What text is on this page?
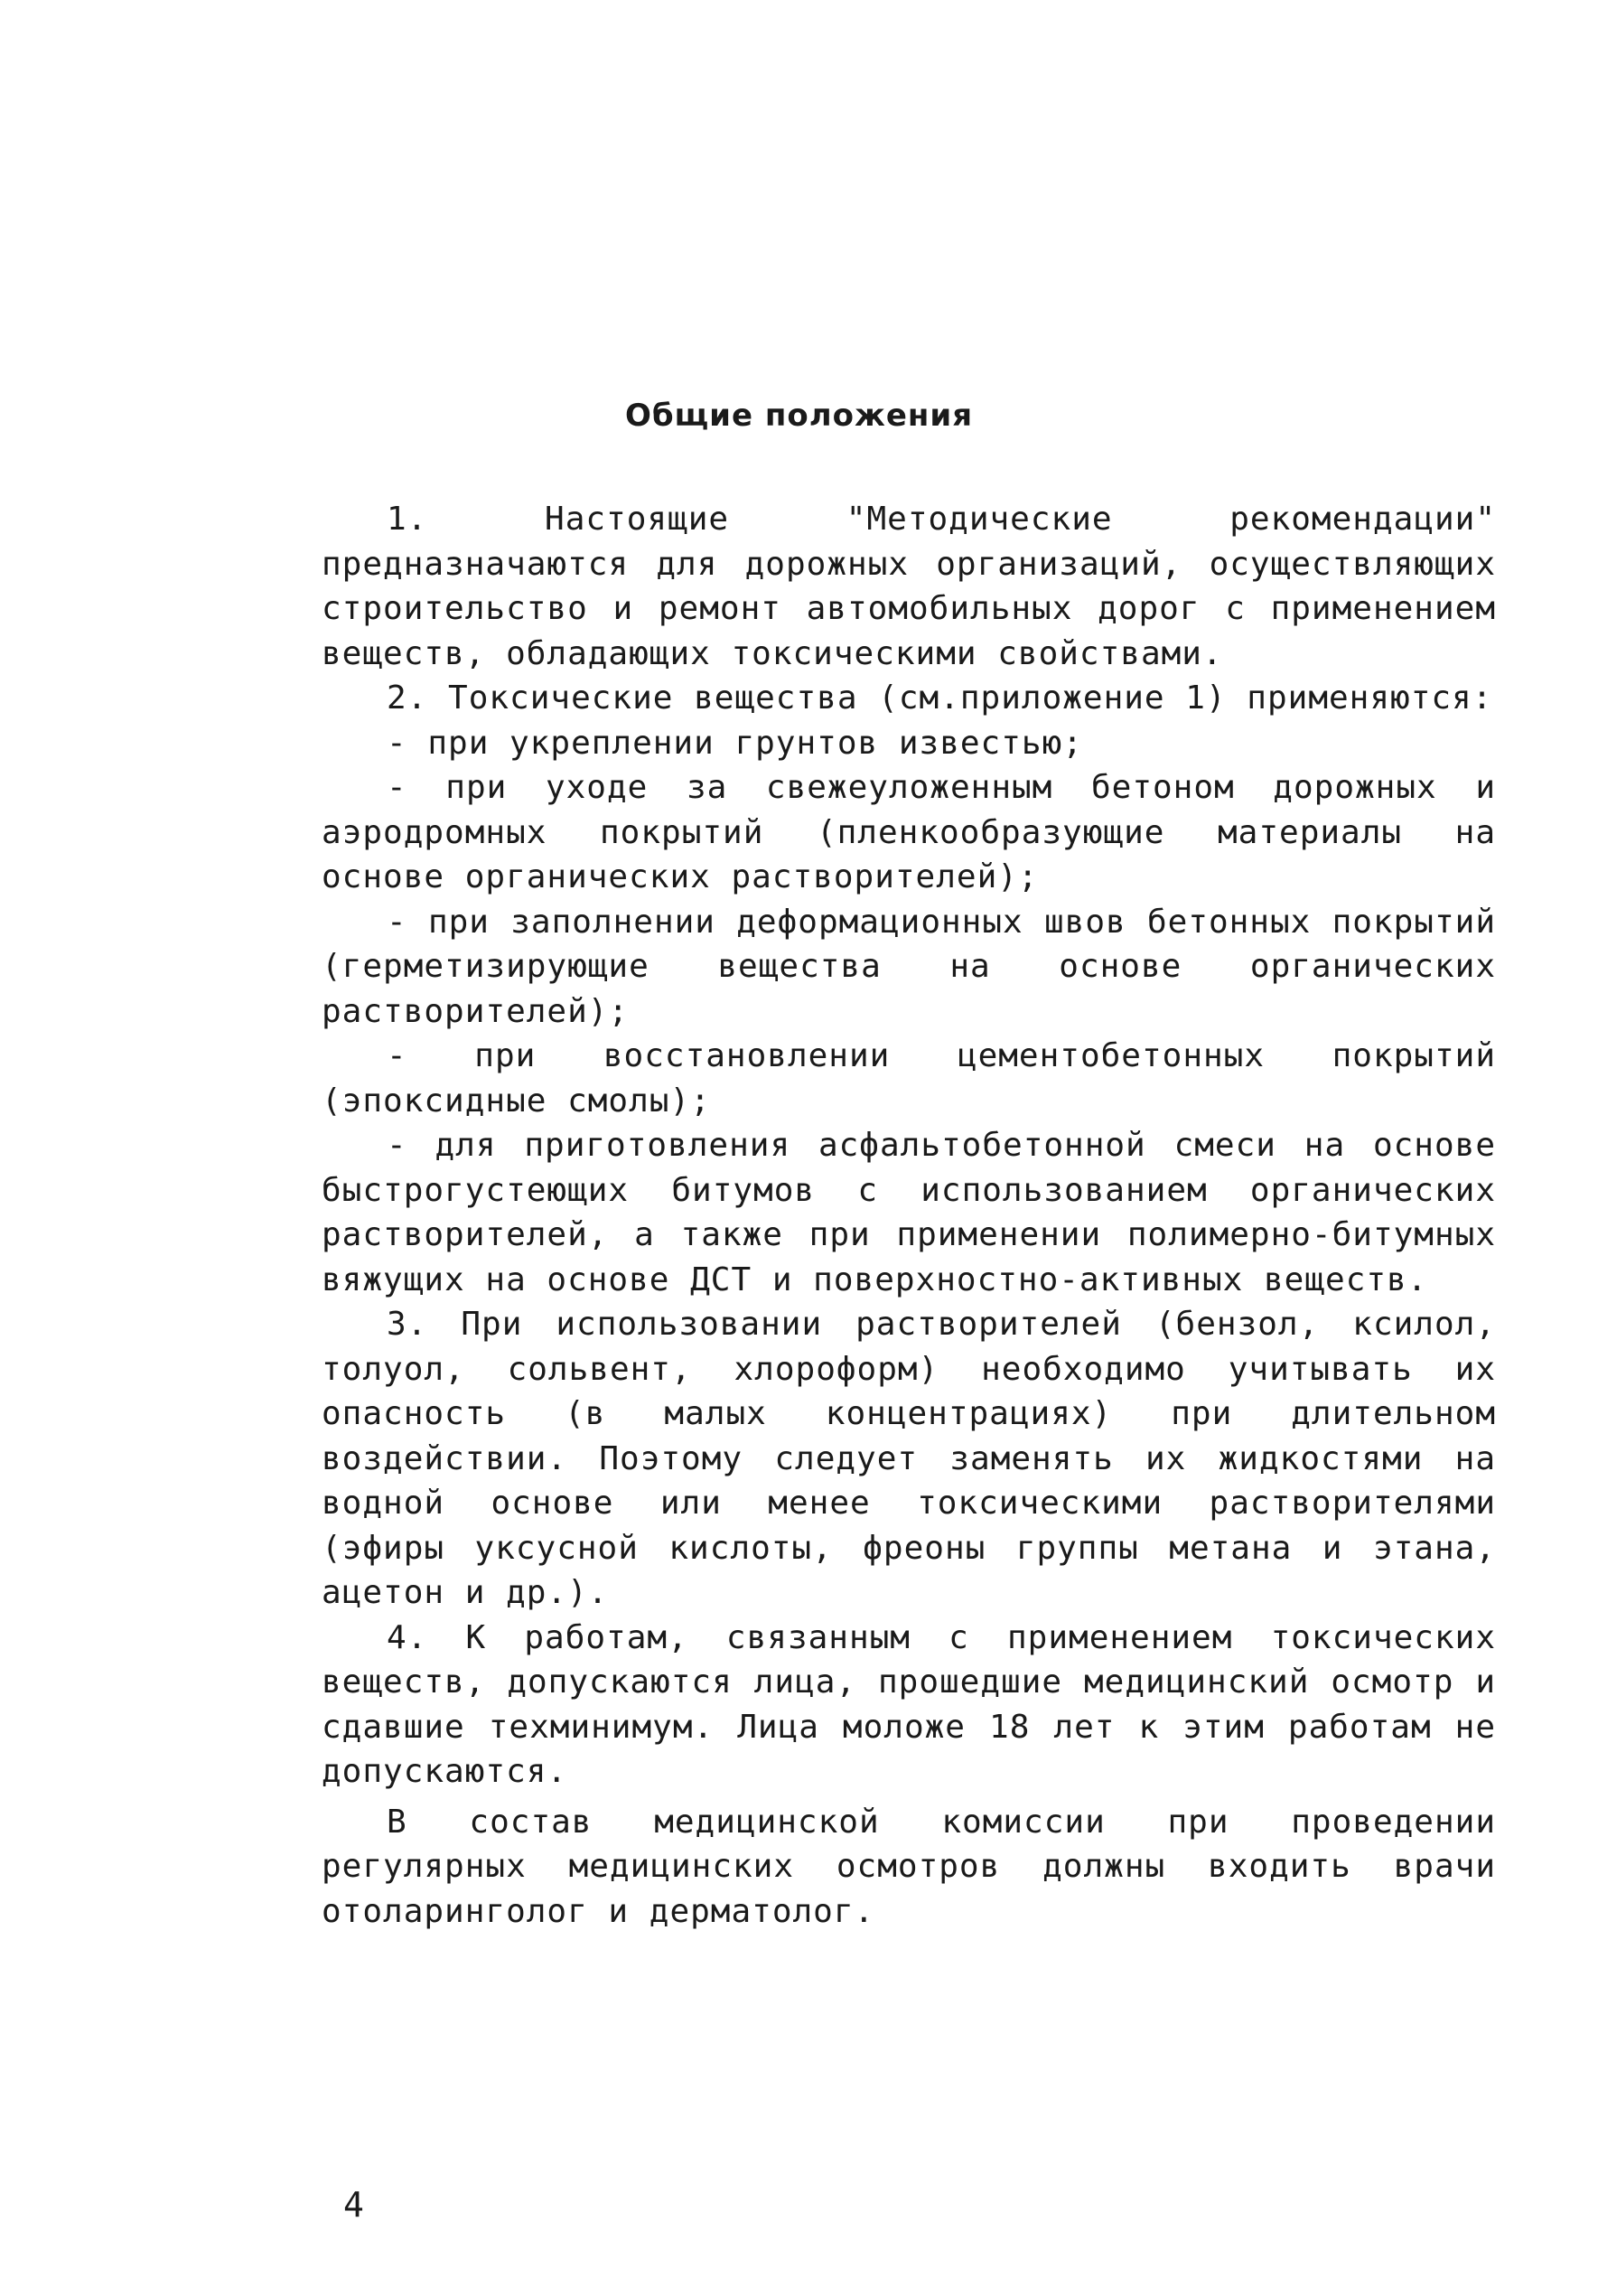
Общие положения

1. Настоящие "Методические рекомендации" предназначаются для дорожных организаций, осуществляющих строительство и ремонт автомобильных дорог с применением веществ, обладающих токсическими свойствами.

2. Токсические вещества (см.приложение 1) применяются:

- при укреплении грунтов известью;

- при уходе за свежеуложенным бетоном дорожных и аэродромных покрытий (пленкообразующие материалы на основе органических растворителей);

- при заполнении деформационных швов бетонных покрытий (герметизирующие вещества на основе органических растворителей);

- при восстановлении цементобетонных покрытий (эпоксидные смолы);

- для приготовления асфальтобетонной смеси на основе быстрогустеющих битумов с использованием органических растворителей, а также при применении полимерно-битумных вяжущих на основе ДСТ и поверхностно-активных веществ.

3. При использовании растворителей (бензол, ксилол, толуол, сольвент, хлороформ) необходимо учитывать их опасность (в малых концентрациях) при длительном воздействии. Поэтому следует заменять их жидкостями на водной основе или менее токсическими растворителями (эфиры уксусной кислоты, фреоны группы метана и этана, ацетон и др.).

4. К работам, связанным с применением токсических веществ, допускаются лица, прошедшие медицинский осмотр и сдавшие техминимум. Лица моложе 18 лет к этим работам не допускаются.

В состав медицинской комиссии при проведении регулярных медицинских осмотров должны входить врачи отоларинголог и дерматолог.

4
